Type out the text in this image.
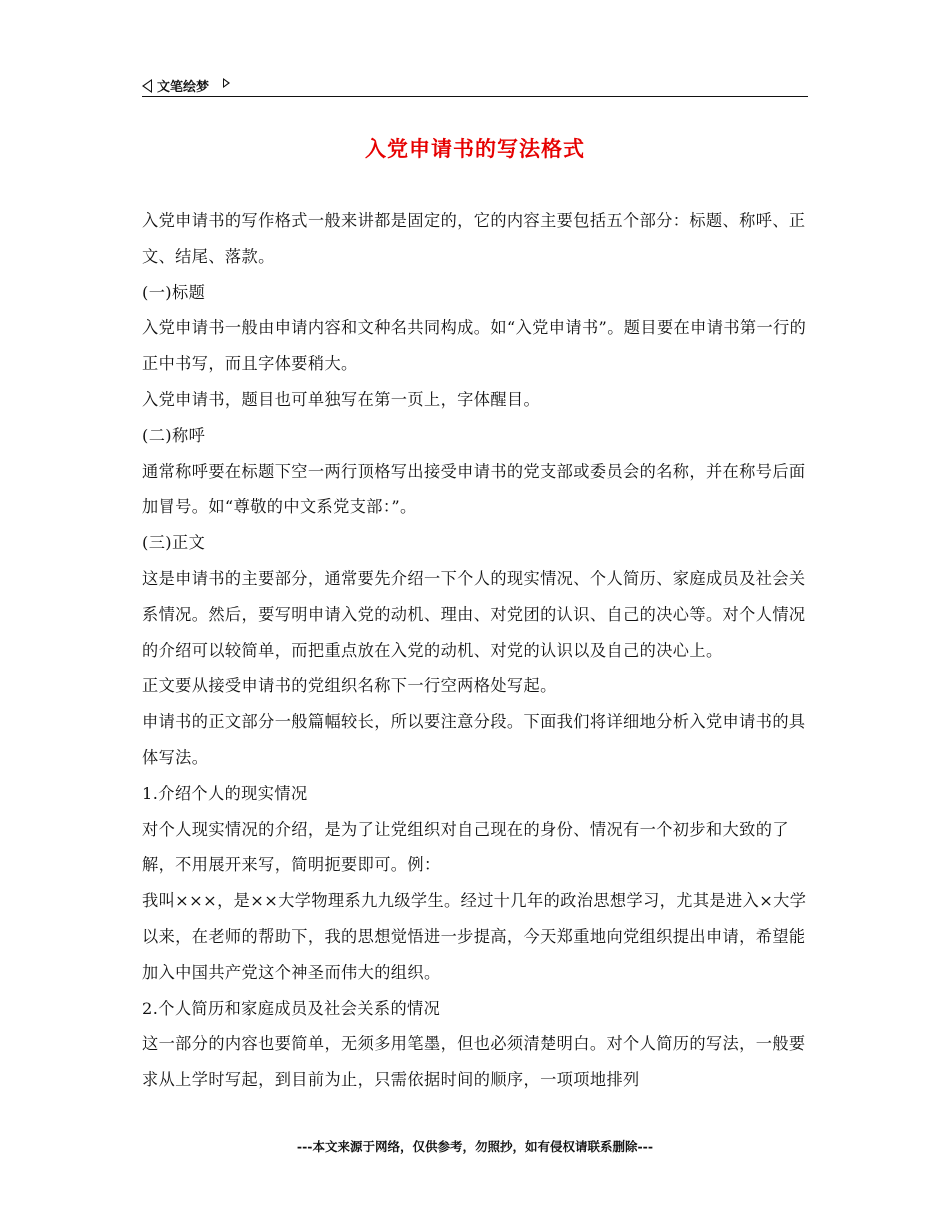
文笔绘梦
入党申请书的写法格式

入党申请书的写作格式一般来讲都是固定的，它的内容主要包括五个部分：标题、称呼、正文、结尾、落款。

(一)标题

入党申请书一般由申请内容和文种名共同构成。如“入党申请书”。题目要在申请书第一行的正中书写，而且字体要稍大。

入党申请书，题目也可单独写在第一页上，字体醒目。

(二)称呼

通常称呼要在标题下空一两行顶格写出接受申请书的党支部或委员会的名称，并在称号后面加冒号。如“尊敬的中文系党支部：”。

(三)正文

这是申请书的主要部分，通常要先介绍一下个人的现实情况、个人简历、家庭成员及社会关系情况。然后，要写明申请入党的动机、理由、对党团的认识、自己的决心等。对个人情况的介绍可以较简单，而把重点放在入党的动机、对党的认识以及自己的决心上。

正文要从接受申请书的党组织名称下一行空两格处写起。

申请书的正文部分一般篇幅较长，所以要注意分段。下面我们将详细地分析入党申请书的具体写法。

1.介绍个人的现实情况

对个人现实情况的介绍，是为了让党组织对自己现在的身份、情况有一个初步和大致的了解，不用展开来写，简明扼要即可。例：

我叫×××，是××大学物理系九九级学生。经过十几年的政治思想学习，尤其是进入×大学以来，在老师的帮助下，我的思想觉悟进一步提高，今天郑重地向党组织提出申请，希望能加入中国共产党这个神圣而伟大的组织。

2.个人简历和家庭成员及社会关系的情况

这一部分的内容也要简单，无须多用笔墨，但也必须清楚明白。对个人简历的写法，一般要求从上学时写起，到目前为止，只需依据时间的顺序，一项项地排列

---本文来源于网络，仅供参考，勿照抄，如有侵权请联系删除---
